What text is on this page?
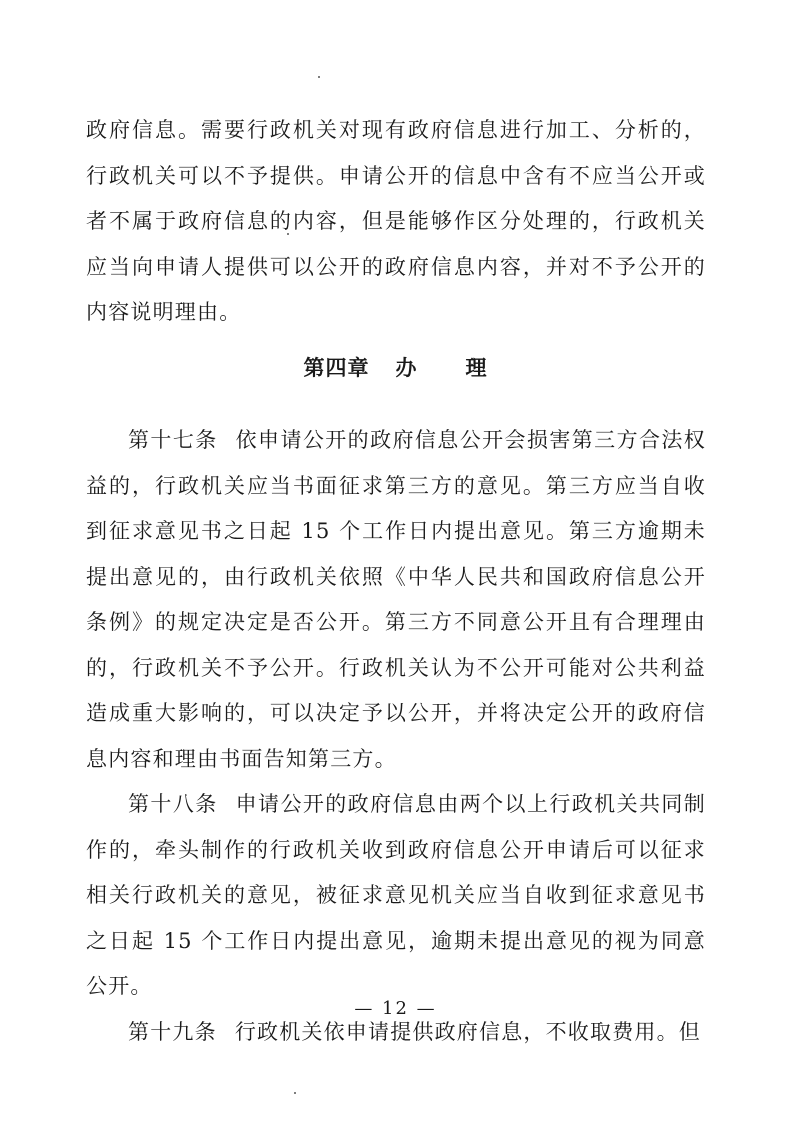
政府信息。需要行政机关对现有政府信息进行加工、分析的，行政机关可以不予提供。申请公开的信息中含有不应当公开或者不属于政府信息的内容，但是能够作区分处理的，行政机关应当向申请人提供可以公开的政府信息内容，并对不予公开的内容说明理由。

第四章 办 理

第十七条 依申请公开的政府信息公开会损害第三方合法权益的，行政机关应当书面征求第三方的意见。第三方应当自收到征求意见书之日起 15 个工作日内提出意见。第三方逾期未提出意见的，由行政机关依照《中华人民共和国政府信息公开条例》的规定决定是否公开。第三方不同意公开且有合理理由的，行政机关不予公开。行政机关认为不公开可能对公共利益造成重大影响的，可以决定予以公开，并将决定公开的政府信息内容和理由书面告知第三方。

第十八条 申请公开的政府信息由两个以上行政机关共同制作的，牵头制作的行政机关收到政府信息公开申请后可以征求相关行政机关的意见，被征求意见机关应当自收到征求意见书之日起 15 个工作日内提出意见，逾期未提出意见的视为同意公开。

第十九条 行政机关依申请提供政府信息，不收取费用。但

— 12 —
